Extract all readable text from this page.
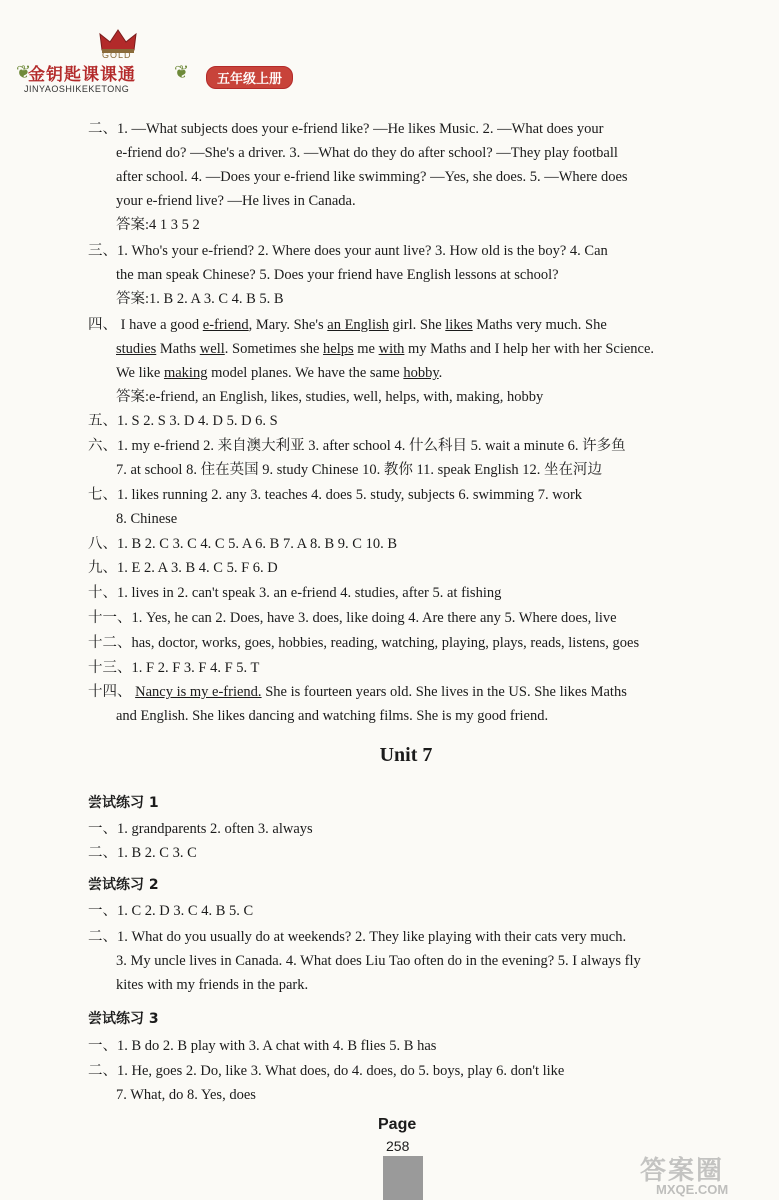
GOLD
❦
金钥匙课课通 ❦
JINYAOSHIKEKETONG
五年级上册
二、1. —What subjects does your e-friend like? —He likes Music. 2. —What does your
e-friend do? —She's a driver. 3. —What do they do after school? —They play football
after school. 4. —Does your e-friend like swimming? —Yes, she does. 5. —Where does
your e-friend live? —He lives in Canada.
答案:4 1 3 5 2
三、1. Who's your e-friend? 2. Where does your aunt live? 3. How old is the boy? 4. Can
the man speak Chinese? 5. Does your friend have English lessons at school?
答案:1. B 2. A 3. C 4. B 5. B
四、 I have a good e-friend, Mary. She's an English girl. She likes Maths very much. She
studies Maths well. Sometimes she helps me with my Maths and I help her with her Science.
We like making model planes. We have the same hobby.
答案:e-friend, an English, likes, studies, well, helps, with, making, hobby
五、1. S 2. S 3. D 4. D 5. D 6. S
六、1. my e-friend 2. 来自澳大利亚 3. after school 4. 什么科目 5. wait a minute 6. 许多鱼
7. at school 8. 住在英国 9. study Chinese 10. 教你 11. speak English 12. 坐在河边
七、1. likes running 2. any 3. teaches 4. does 5. study, subjects 6. swimming 7. work
8. Chinese
八、1. B 2. C 3. C 4. C 5. A 6. B 7. A 8. B 9. C 10. B
九、1. E 2. A 3. B 4. C 5. F 6. D
十、1. lives in 2. can't speak 3. an e-friend 4. studies, after 5. at fishing
十一、1. Yes, he can 2. Does, have 3. does, like doing 4. Are there any 5. Where does, live
十二、has, doctor, works, goes, hobbies, reading, watching, playing, plays, reads, listens, goes
十三、1. F 2. F 3. F 4. F 5. T
十四、 Nancy is my e-friend. She is fourteen years old. She lives in the US. She likes Maths
and English. She likes dancing and watching films. She is my good friend.
Unit 7
尝试练习 1
一、1. grandparents 2. often 3. always
二、1. B 2. C 3. C
尝试练习 2
一、1. C 2. D 3. C 4. B 5. C
二、1. What do you usually do at weekends? 2. They like playing with their cats very much.
3. My uncle lives in Canada. 4. What does Liu Tao often do in the evening? 5. I always fly
kites with my friends in the park.
尝试练习 3
一、1. B do 2. B play with 3. A chat with 4. B flies 5. B has
二、1. He, goes 2. Do, like 3. What does, do 4. does, do 5. boys, play 6. don't like
7. What, do 8. Yes, does
Page
258
答案圈
MXQE.COM
